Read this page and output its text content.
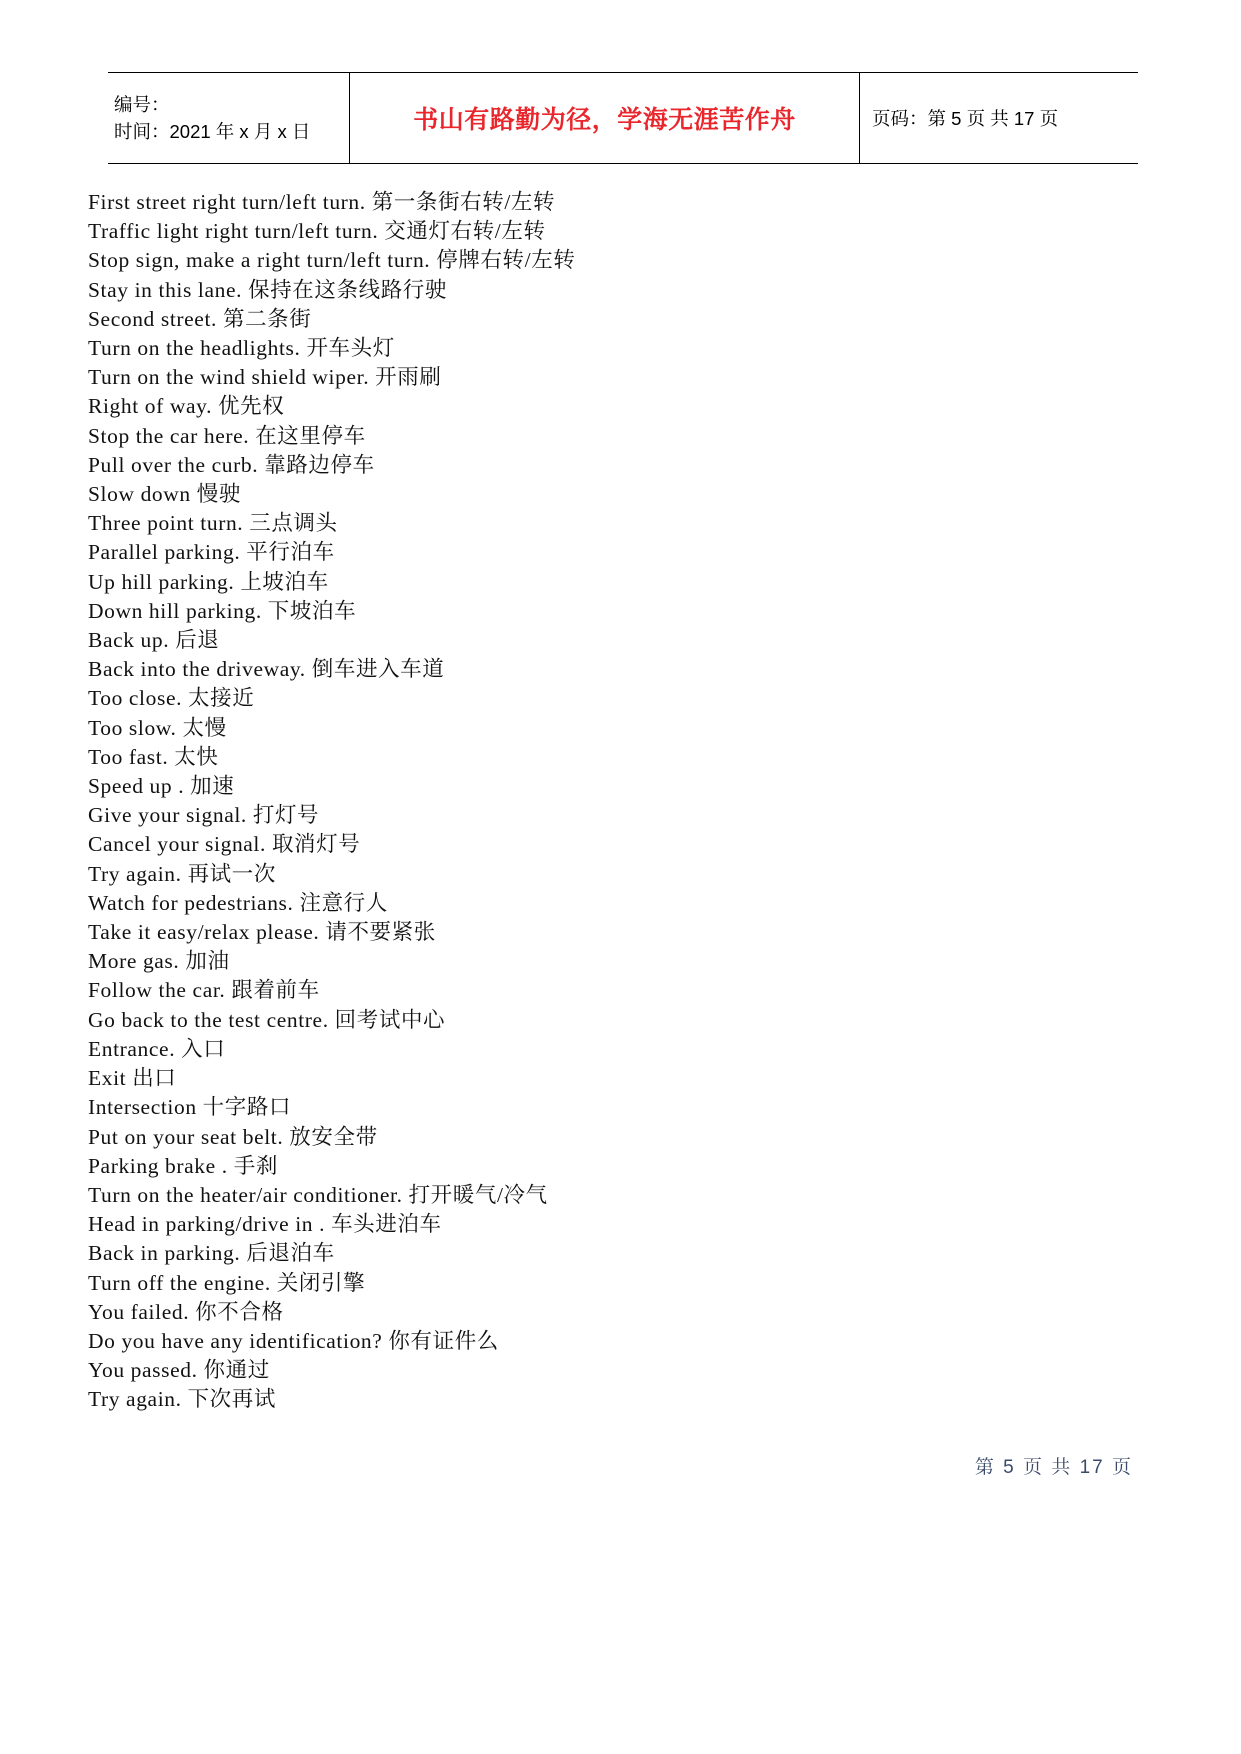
编号：
时间：2021 年 x 月 x 日	书山有路勤为径，学海无涯苦作舟	页码：第 5 页 共 17 页
First street right turn/left turn. 第一条街右转/左转
Traffic light right turn/left turn. 交通灯右转/左转
Stop sign, make a right turn/left turn. 停牌右转/左转
Stay in this lane. 保持在这条线路行驶
Second street. 第二条街
Turn on the headlights. 开车头灯
Turn on the wind shield wiper. 开雨刷
Right of way. 优先权
Stop the car here. 在这里停车
Pull over the curb. 靠路边停车
Slow down 慢驶
Three point turn. 三点调头
Parallel parking. 平行泊车
Up hill parking. 上坡泊车
Down hill parking. 下坡泊车
Back up. 后退
Back into the driveway. 倒车进入车道
Too close. 太接近
Too slow. 太慢
Too fast. 太快
Speed up . 加速
Give your signal. 打灯号
Cancel your signal. 取消灯号
Try again. 再试一次
Watch for pedestrians. 注意行人
Take it easy/relax please. 请不要紧张
More gas. 加油
Follow the car. 跟着前车
Go back to the test centre. 回考试中心
Entrance. 入口
Exit 出口
Intersection 十字路口
Put on your seat belt. 放安全带
Parking brake . 手刹
Turn on the heater/air conditioner. 打开暖气/冷气
Head in parking/drive in . 车头进泊车
Back in parking. 后退泊车
Turn off the engine. 关闭引擎
You failed. 你不合格
Do you have any identification? 你有证件么
You passed. 你通过
Try again. 下次再试
第 5 页 共 17 页
